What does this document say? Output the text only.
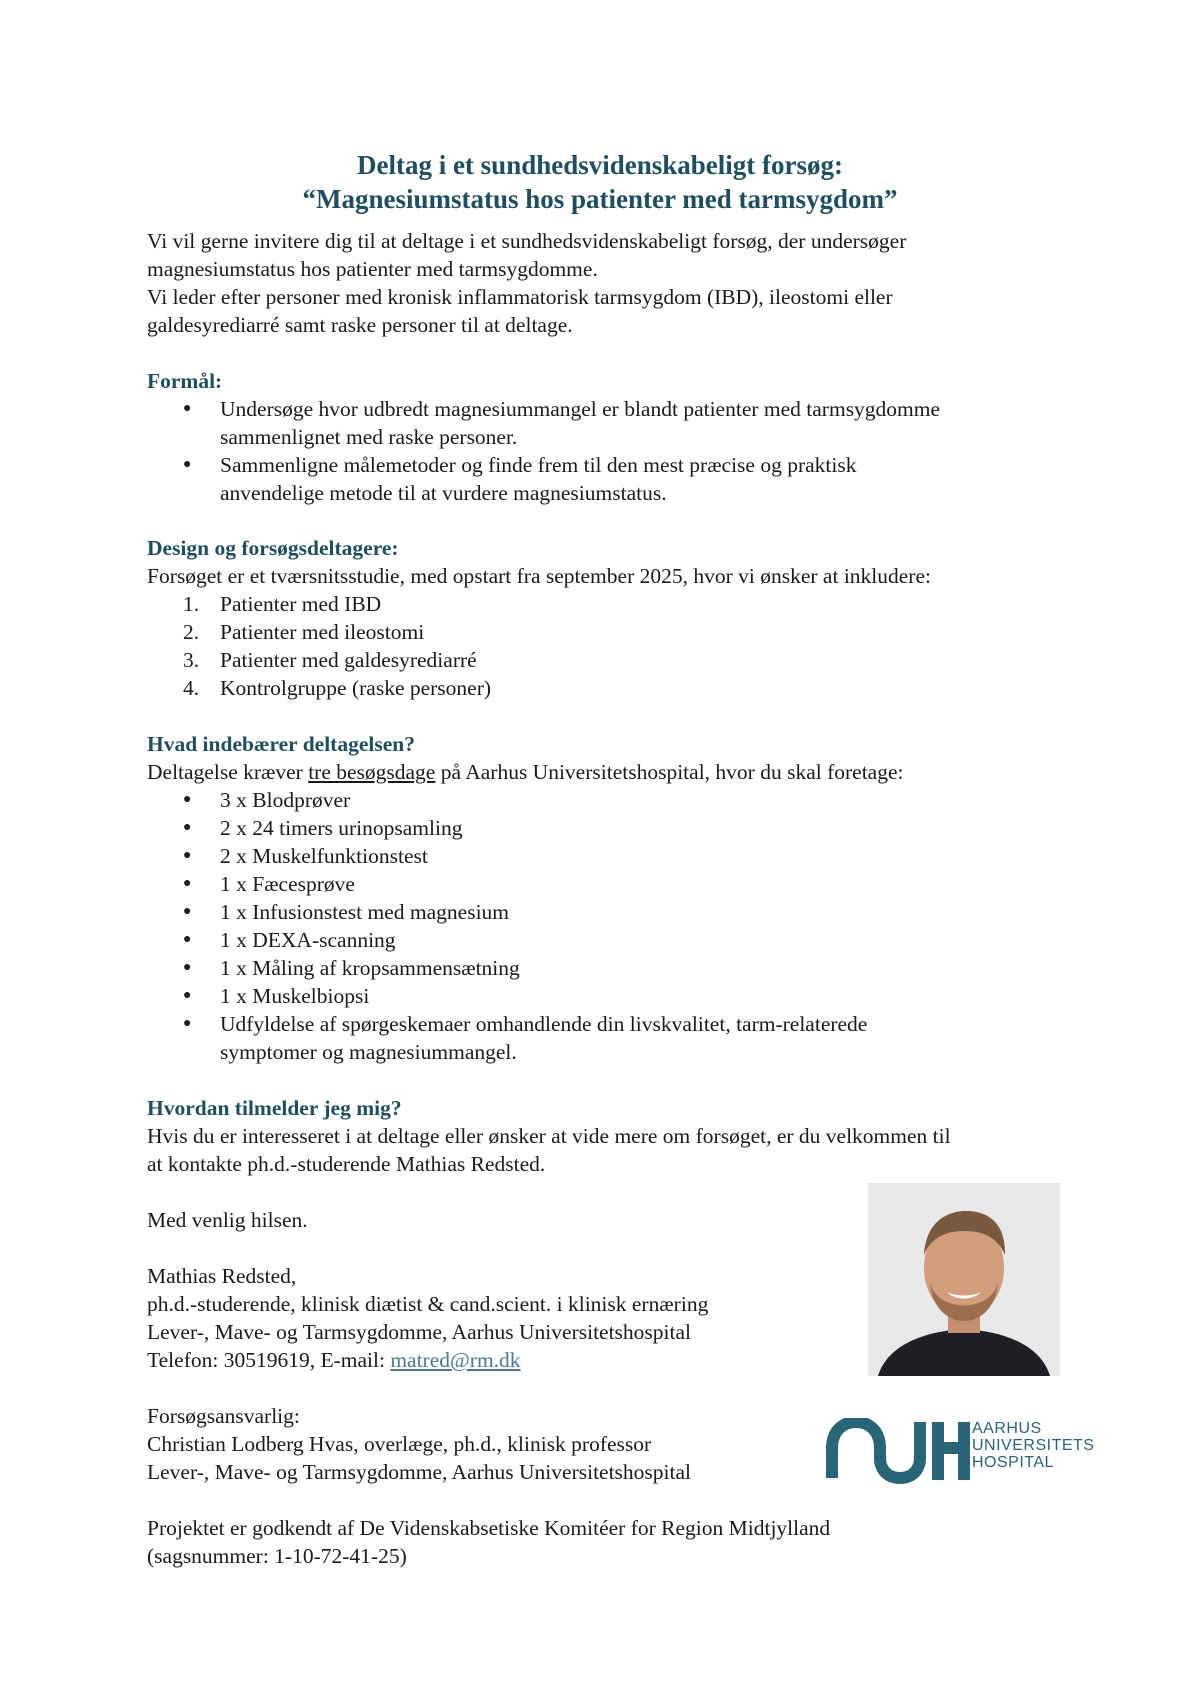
Deltag i et sundhedsvidenskabeligt forsøg:
“Magnesiumstatus hos patienter med tarmsygdom”
Vi vil gerne invitere dig til at deltage i et sundhedsvidenskabeligt forsøg, der undersøger
magnesiumstatus hos patienter med tarmsygdomme.
Vi leder efter personer med kronisk inflammatorisk tarmsygdom (IBD), ileostomi eller
galdesyrediarré samt raske personer til at deltage.
Formål:
● Undersøge hvor udbredt magnesiummangel er blandt patienter med tarmsygdomme
sammenlignet med raske personer.
● Sammenligne målemetoder og finde frem til den mest præcise og praktisk
anvendelige metode til at vurdere magnesiumstatus.
Design og forsøgsdeltagere:
Forsøget er et tværsnitsstudie, med opstart fra september 2025, hvor vi ønsker at inkludere:
1. Patienter med IBD
2. Patienter med ileostomi
3. Patienter med galdesyrediarré
4. Kontrolgruppe (raske personer)
Hvad indebærer deltagelsen?
Deltagelse kræver tre besøgsdage på Aarhus Universitetshospital, hvor du skal foretage:
● 3 x Blodprøver
● 2 x 24 timers urinopsamling
● 2 x Muskelfunktionstest
● 1 x Fæcesprøve
● 1 x Infusionstest med magnesium
● 1 x DEXA-scanning
● 1 x Måling af kropsammensætning
● 1 x Muskelbiopsi
● Udfyldelse af spørgeskemaer omhandlende din livskvalitet, tarm-relaterede
symptomer og magnesiummangel.
Hvordan tilmelder jeg mig?
Hvis du er interesseret i at deltage eller ønsker at vide mere om forsøget, er du velkommen til
at kontakte ph.d.-studerende Mathias Redsted.
Med venlig hilsen.
Mathias Redsted,
ph.d.-studerende, klinisk diætist & cand.scient. i klinisk ernæring
Lever-, Mave- og Tarmsygdomme, Aarhus Universitetshospital
Telefon: 30519619, E-mail: matred@rm.dk
Forsøgsansvarlig:
Christian Lodberg Hvas, overlæge, ph.d., klinisk professor
Lever-, Mave- og Tarmsygdomme, Aarhus Universitetshospital
Projektet er godkendt af De Videnskabsetiske Komitéer for Region Midtjylland
(sagsnummer: 1-10-72-41-25)
AARHUS
UNIVERSITETS
HOSPITAL
